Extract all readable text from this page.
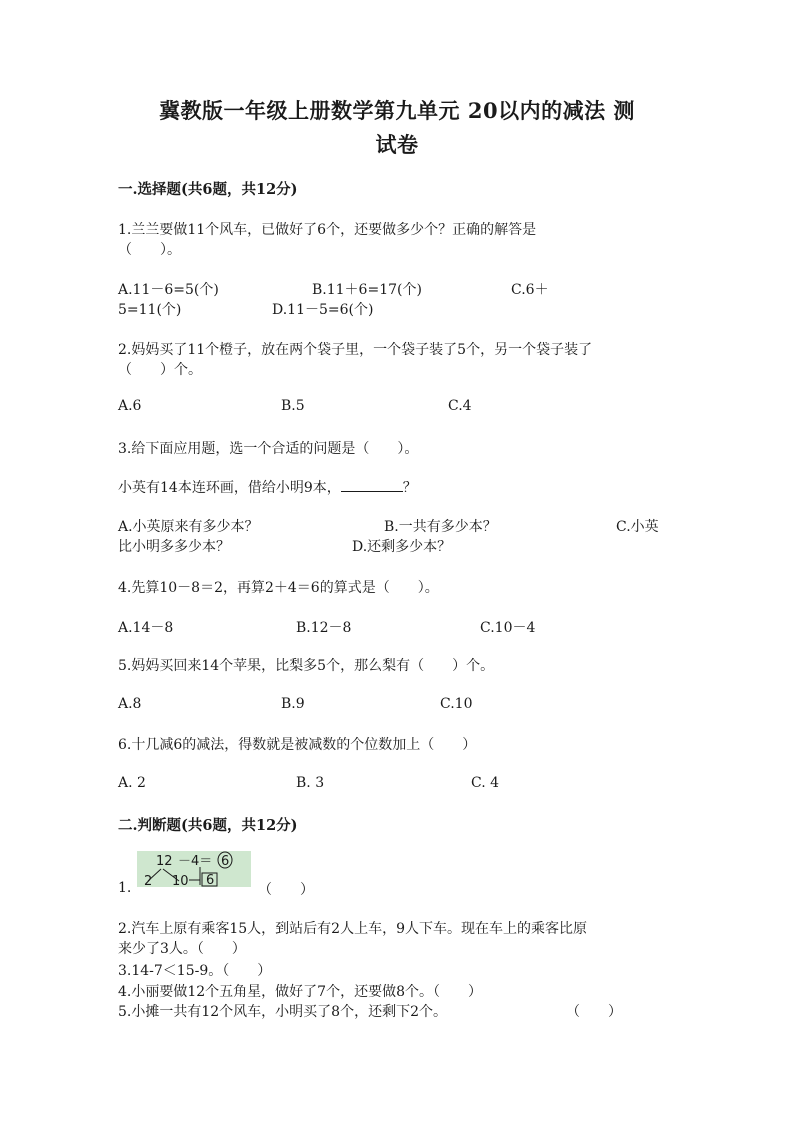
冀教版一年级上册数学第九单元 20以内的减法 测
试卷
一.选择题(共6题，共12分)
1.兰兰要做11个风车，已做好了6个，还要做多少个？正确的解答是
（　　）。
A.11－6=5(个)	B.11＋6=17(个)	C.6＋
5=11(个)	D.11－5=6(个)
2.妈妈买了11个橙子，放在两个袋子里，一个袋子装了5个，另一个袋子装了
（　　）个。
A.6	B.5	C.4
3.给下面应用题，选一个合适的问题是（　　）。
小英有14本连环画，借给小明9本，	？
A.小英原来有多少本？	B.一共有多少本？	C.小英
比小明多多少本？	D.还剩多少本？
4.先算10－8＝2，再算2＋4＝6的算式是（　　）。
A.14－8	B.12－8	C.10－4
5.妈妈买回来14个苹果，比梨多5个，那么梨有（　　）个。
A.8	B.9	C.10
6.十几减6的减法，得数就是被减数的个位数加上（　　）
A. 2	B. 3	C. 4
二.判断题(共6题，共12分)
1.
12 －4＝ 6
2 10 6
（　　）
2.汽车上原有乘客15人，到站后有2人上车，9人下车。现在车上的乘客比原
来少了3人。（　　）
3.14-7＜15-9。（　　）
4.小丽要做12个五角星，做好了7个，还要做8个。（　　）
5.小摊一共有12个风车，小明买了8个，还剩下2个。	（　　）
